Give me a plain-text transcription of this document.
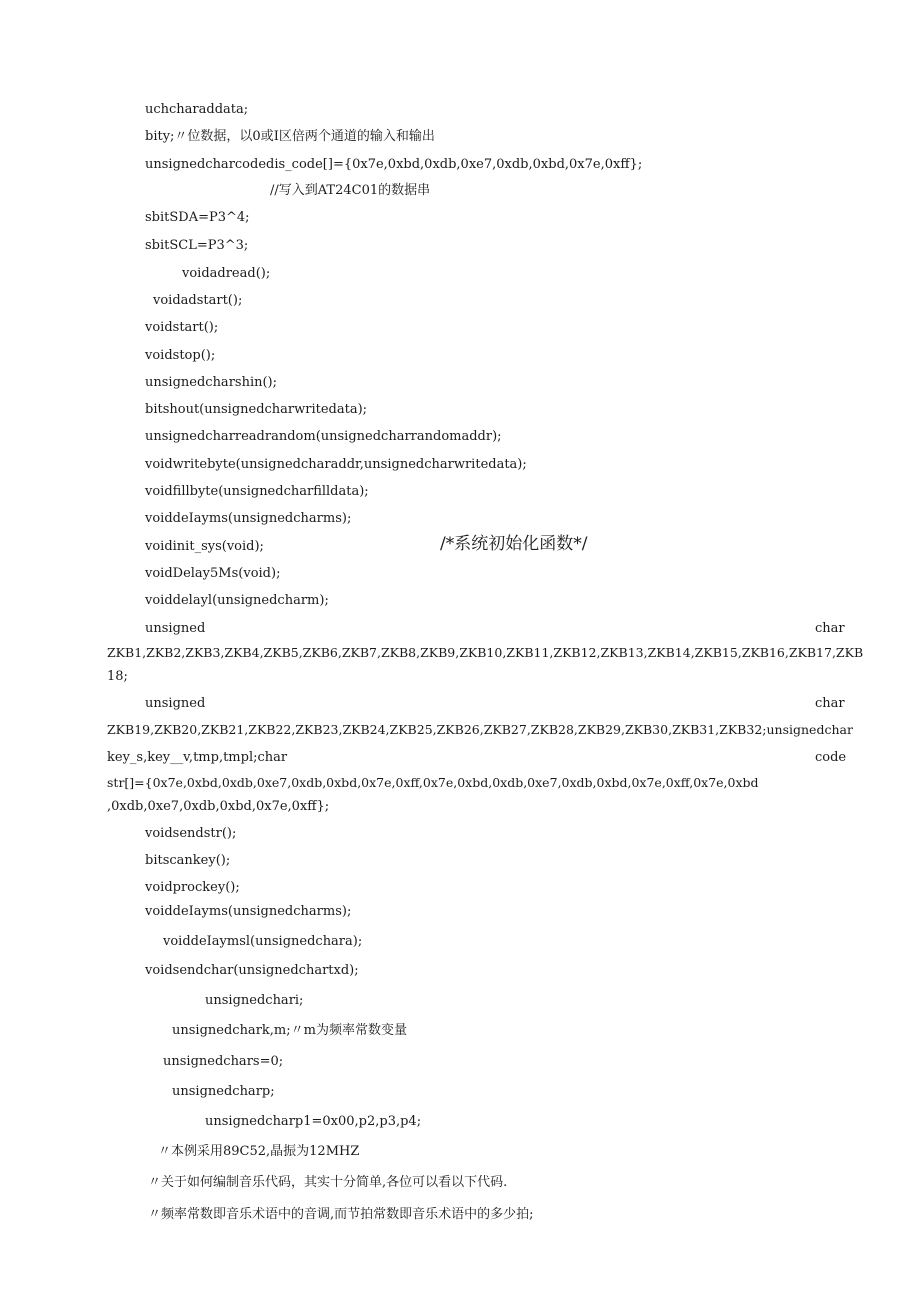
uchcharaddata;
bity;〃位数据，以0或I区倍两个通道的输入和输出
unsignedcharcodedis_code[]={0x7e,0xbd,0xdb,0xe7,0xdb,0xbd,0x7e,0xff};
//写入到AT24C01的数据串
sbitSDA=P3^4;
sbitSCL=P3^3;
voidadread();
voidadstart();
voidstart();
voidstop();
unsignedcharshin();
bitshout(unsignedcharwritedata);
unsignedcharreadrandom(unsignedcharrandomaddr);
voidwritebyte(unsignedcharaddr,unsignedcharwritedata);
voidfillbyte(unsignedcharfilldata);
voiddeIayms(unsignedcharms);
voidinit_sys(void);	/*系统初始化函数*/
voidDelay5Ms(void);
voiddelayl(unsignedcharm);
unsigned	char
ZKB1,ZKB2,ZKB3,ZKB4,ZKB5,ZKB6,ZKB7,ZKB8,ZKB9,ZKB10,ZKB11,ZKB12,ZKB13,ZKB14,ZKB15,ZKB16,ZKB17,ZKB
18;
unsigned	char
ZKB19,ZKB20,ZKB21,ZKB22,ZKB23,ZKB24,ZKB25,ZKB26,ZKB27,ZKB28,ZKB29,ZKB30,ZKB31,ZKB32;unsignedchar
key_s,key__v,tmp,tmpl;char	code
str[]={0x7e,0xbd,0xdb,0xe7,0xdb,0xbd,0x7e,0xff,0x7e,0xbd,0xdb,0xe7,0xdb,0xbd,0x7e,0xff,0x7e,0xbd
,0xdb,0xe7,0xdb,0xbd,0x7e,0xff};
voidsendstr();
bitscankey();
voidprockey();
voiddeIayms(unsignedcharms);
voiddeIaymsl(unsignedchara);
voidsendchar(unsignedchartxd);
unsignedchari;
unsignedchark,m;〃m为频率常数变量
unsignedchars=0;
unsignedcharp;
unsignedcharp1=0x00,p2,p3,p4;
〃本例采用89C52,晶振为12MHZ
〃关于如何编制音乐代码，其实十分简单,各位可以看以下代码.
〃频率常数即音乐术语中的音调,而节拍常数即音乐术语中的多少拍;
